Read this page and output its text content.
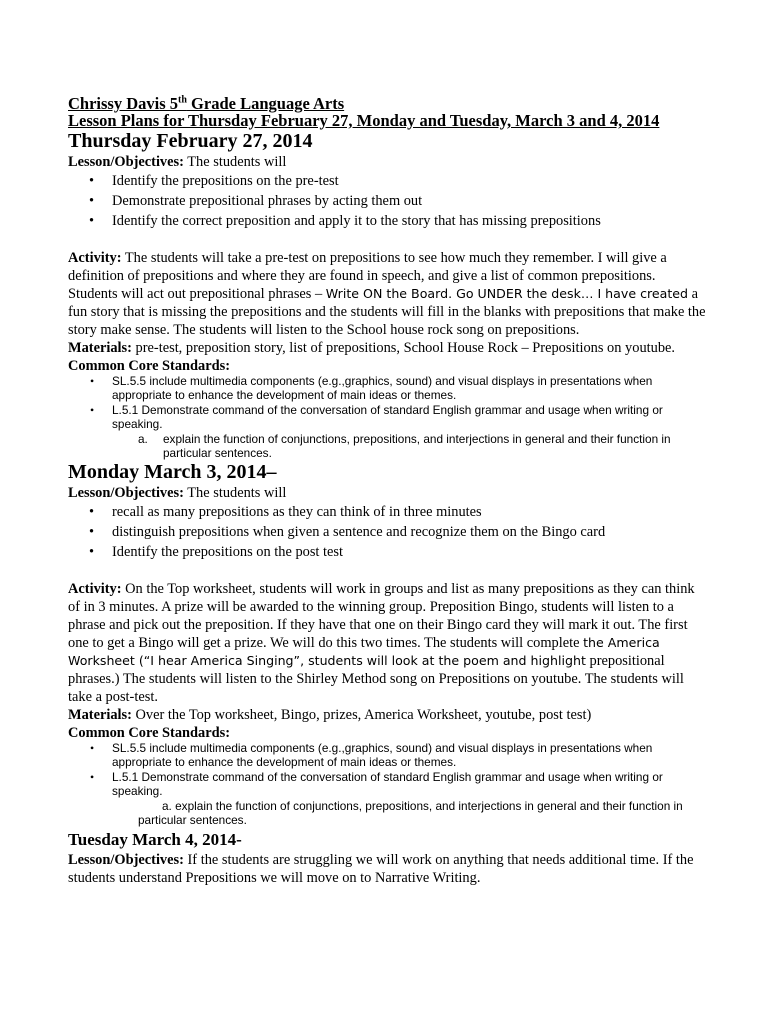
Chrissy Davis 5th Grade Language Arts
Lesson Plans for Thursday February 27, Monday and Tuesday, March 3 and 4, 2014
Thursday February 27, 2014

Lesson/Objectives: The students will

• Identify the prepositions on the pre-test
• Demonstrate prepositional phrases by acting them out
• Identify the correct preposition and apply it to the story that has missing prepositions

Activity: The students will take a pre-test on prepositions to see how much they remember. I will give a definition of prepositions and where they are found in speech, and give a list of common prepositions. Students will act out prepositional phrases – Write ON the Board. Go UNDER the desk… I have created a fun story that is missing the prepositions and the students will fill in the blanks with prepositions that make the story make sense. The students will listen to the School house rock song on prepositions.

Materials: pre-test, preposition story, list of prepositions, School House Rock – Prepositions on youtube.

Common Core Standards:

• SL.5.5 include multimedia components (e.g.,graphics, sound) and visual displays in presentations when appropriate to enhance the development of main ideas or themes.
• L.5.1 Demonstrate command of the conversation of standard English grammar and usage when writing or speaking.
a. explain the function of conjunctions, prepositions, and interjections in general and their function in particular sentences.
Monday March 3, 2014–

Lesson/Objectives: The students will

• recall as many prepositions as they can think of in three minutes
• distinguish prepositions when given a sentence and recognize them on the Bingo card
• Identify the prepositions on the post test

Activity: On the Top worksheet, students will work in groups and list as many prepositions as they can think of in 3 minutes. A prize will be awarded to the winning group. Preposition Bingo, students will listen to a phrase and pick out the preposition. If they have that one on their Bingo card they will mark it out. The first one to get a Bingo will get a prize. We will do this two times. The students will complete the America Worksheet (“I hear America Singing”, students will look at the poem and highlight prepositional phrases.) The students will listen to the Shirley Method song on Prepositions on youtube. The students will take a post-test.

Materials: Over the Top worksheet, Bingo, prizes, America Worksheet, youtube, post test)

Common Core Standards:

• SL.5.5 include multimedia components (e.g.,graphics, sound) and visual displays in presentations when appropriate to enhance the development of main ideas or themes.
• L.5.1 Demonstrate command of the conversation of standard English grammar and usage when writing or speaking.
a. explain the function of conjunctions, prepositions, and interjections in general and their function in particular sentences.
Tuesday March 4, 2014-

Lesson/Objectives: If the students are struggling we will work on anything that needs additional time. If the students understand Prepositions we will move on to Narrative Writing.
